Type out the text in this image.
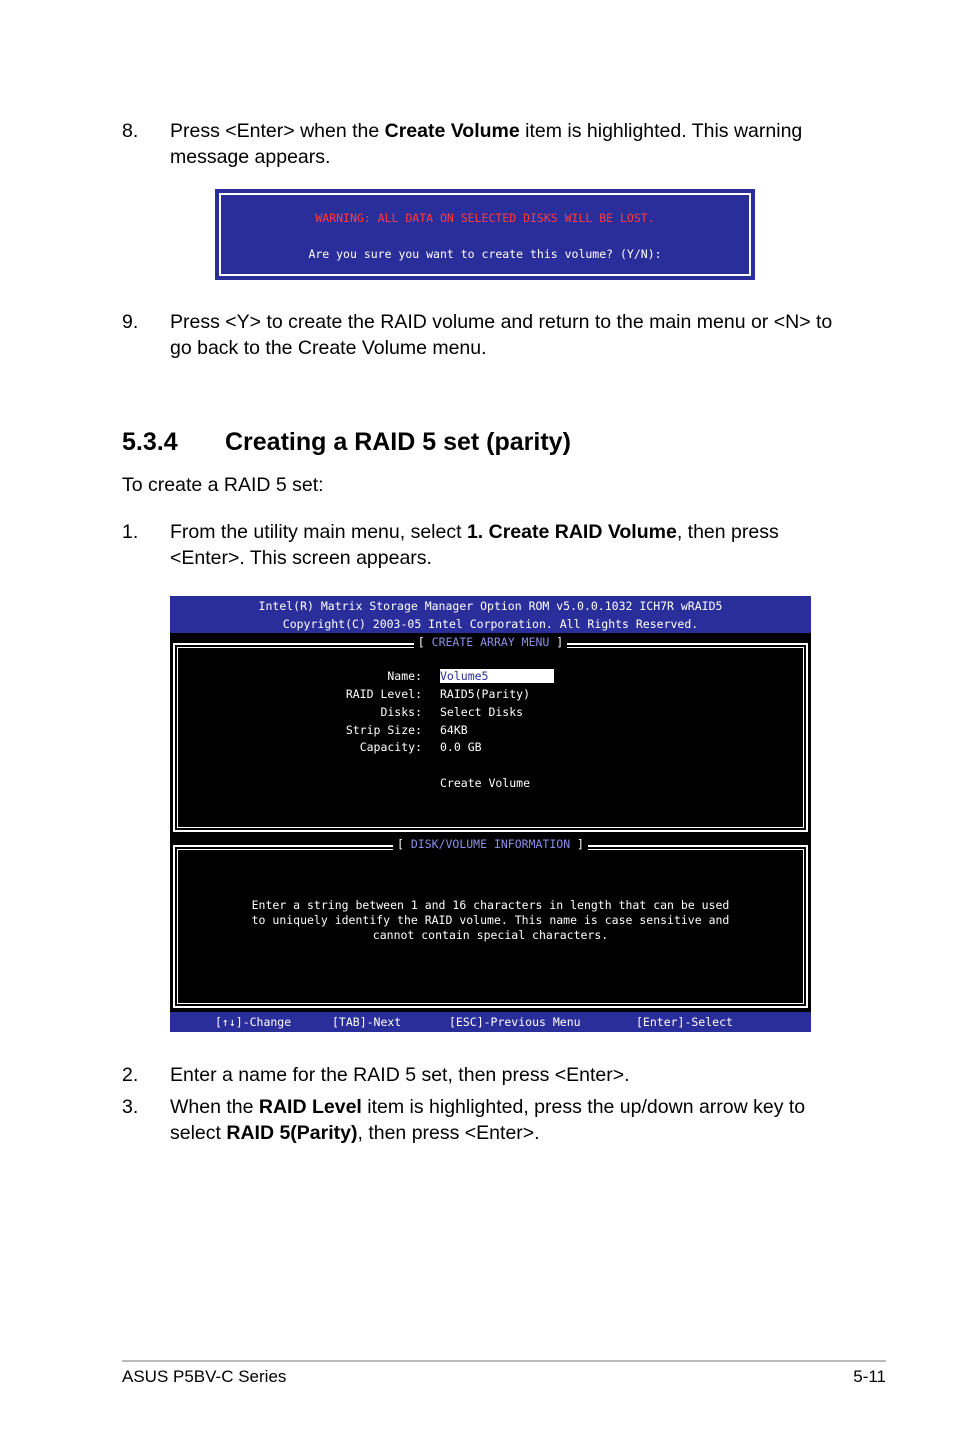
8. Press <Enter> when the Create Volume item is highlighted. This warning
message appears.
WARNING: ALL DATA ON SELECTED DISKS WILL BE LOST.
Are you sure you want to create this volume? (Y/N):
9. Press <Y> to create the RAID volume and return to the main menu or <N> to
go back to the Create Volume menu.
5.3.4 Creating a RAID 5 set (parity)
To create a RAID 5 set:
1. From the utility main menu, select 1. Create RAID Volume, then press
<Enter>. This screen appears.
Intel(R) Matrix Storage Manager Option ROM v5.0.0.1032 ICH7R wRAID5
Copyright(C) 2003-05 Intel Corporation. All Rights Reserved.
[ CREATE ARRAY MENU ]
Name: Volume5
RAID Level: RAID5(Parity)
Disks: Select Disks
Strip Size: 64KB
Capacity: 0.0 GB
Create Volume
[ DISK/VOLUME INFORMATION ]
Enter a string between 1 and 16 characters in length that can be used
to uniquely identify the RAID volume. This name is case sensitive and
cannot contain special characters.
[↑↓]-Change	[TAB]-Next	[ESC]-Previous Menu	[Enter]-Select
2. Enter a name for the RAID 5 set, then press <Enter>.
3. When the RAID Level item is highlighted, press the up/down arrow key to
select RAID 5(Parity), then press <Enter>.
ASUS P5BV-C Series	5-11
